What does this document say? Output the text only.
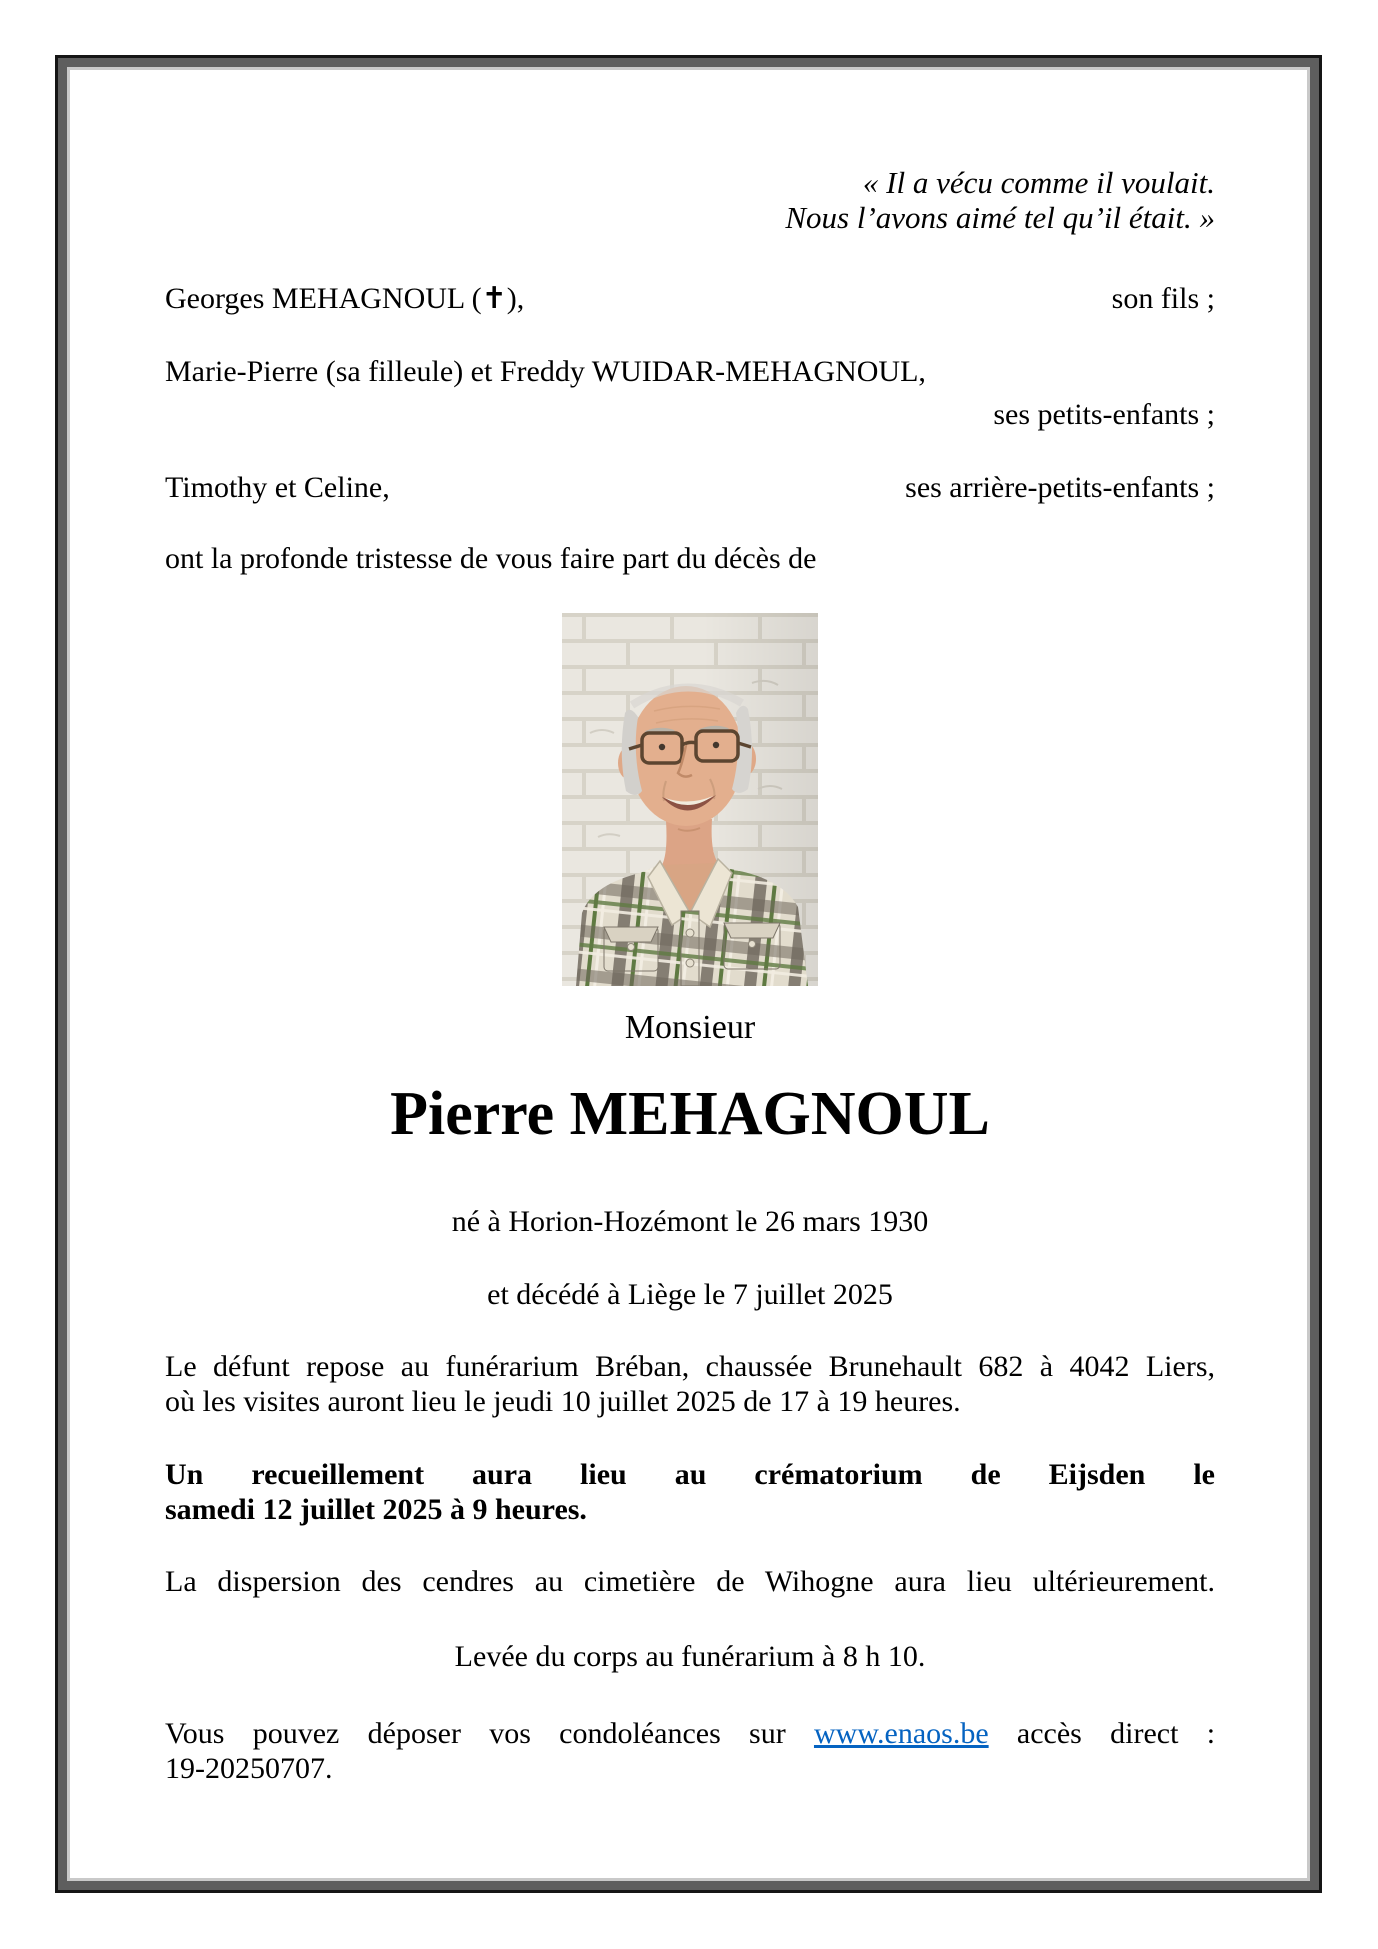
« Il a vécu comme il voulait.
Nous l’avons aimé tel qu’il était. »
Georges MEHAGNOUL (✝),	son fils ;
Marie-Pierre (sa filleule) et Freddy WUIDAR-MEHAGNOUL,
ses petits-enfants ;
Timothy et Celine,	ses arrière-petits-enfants ;
ont la profonde tristesse de vous faire part du décès de
Monsieur
Pierre MEHAGNOUL
né à Horion-Hozémont le 26 mars 1930
et décédé à Liège le 7 juillet 2025
Le défunt repose au funérarium Bréban, chaussée Brunehault 682 à 4042 Liers,
où les visites auront lieu le jeudi 10 juillet 2025 de 17 à 19 heures.
Un recueillement aura lieu au crématorium de Eijsden le
samedi 12 juillet 2025 à 9 heures.
La dispersion des cendres au cimetière de Wihogne aura lieu ultérieurement.
Levée du corps au funérarium à 8 h 10.
Vous pouvez déposer vos condoléances sur www.enaos.be accès direct :
19-20250707.
